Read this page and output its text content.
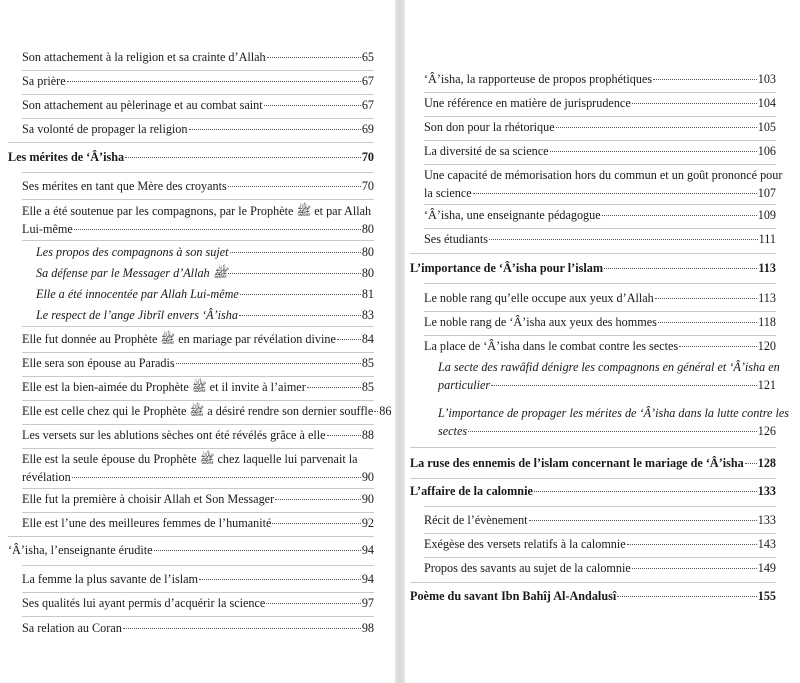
Son attachement à la religion et sa crainte d’Allah	65
Sa prière	67
Son attachement au pèlerinage et au combat saint	67
Sa volonté de propager la religion	69
Les mérites de ‘Â’isha	70
Ses mérites en tant que Mère des croyants	70
Elle a été soutenue par les compagnons, par le Prophète ﷺ et par Allah
Lui-même	80
Les propos des compagnons à son sujet	80
Sa défense par le Messager d’Allah ﷺ	80
Elle a été innocentée par Allah Lui-même	81
Le respect de l’ange Jibrîl envers ‘Â’isha	83
Elle fut donnée au Prophète ﷺ en mariage par révélation divine 84
Elle sera son épouse au Paradis	85
Elle est la bien-aimée du Prophète ﷺ et il invite à l’aimer	85
Elle est celle chez qui le Prophète ﷺ a désiré rendre son dernier souffle 86
Les versets sur les ablutions sèches ont été révélés grâce à elle	88
Elle est la seule épouse du Prophète ﷺ chez laquelle lui parvenait la
révélation	90
Elle fut la première à choisir Allah et Son Messager	90
Elle est l’une des meilleures femmes de l’humanité	92
‘Â’isha, l’enseignante érudite	94
La femme la plus savante de l’islam	94
Ses qualités lui ayant permis d’acquérir la science	97
Sa relation au Coran	98
‘Â’isha, la rapporteuse de propos prophétiques	103
Une référence en matière de jurisprudence	104
Son don pour la rhétorique	105
La diversité de sa science	106
Une capacité de mémorisation hors du commun et un goût prononcé pour
la science	107
‘Â’isha, une enseignante pédagogue	109
Ses étudiants	111
L’importance de ‘Â’isha pour l’islam	113
Le noble rang qu’elle occupe aux yeux d’Allah	113
Le noble rang de ‘Â’isha aux yeux des hommes	118
La place de ‘Â’isha dans le combat contre les sectes	120
La secte des rawâfid dénigre les compagnons en général et ‘Â’isha en
particulier	121
L’importance de propager les mérites de ‘Â’isha dans la lutte contre les
sectes	126
La ruse des ennemis de l’islam concernant le mariage de ‘Â’isha 128
L’affaire de la calomnie	133
Récit de l’évènement	133
Exégèse des versets relatifs à la calomnie	143
Propos des savants au sujet de la calomnie	149
Poème du savant Ibn Bahîj Al-Andalusî	155
